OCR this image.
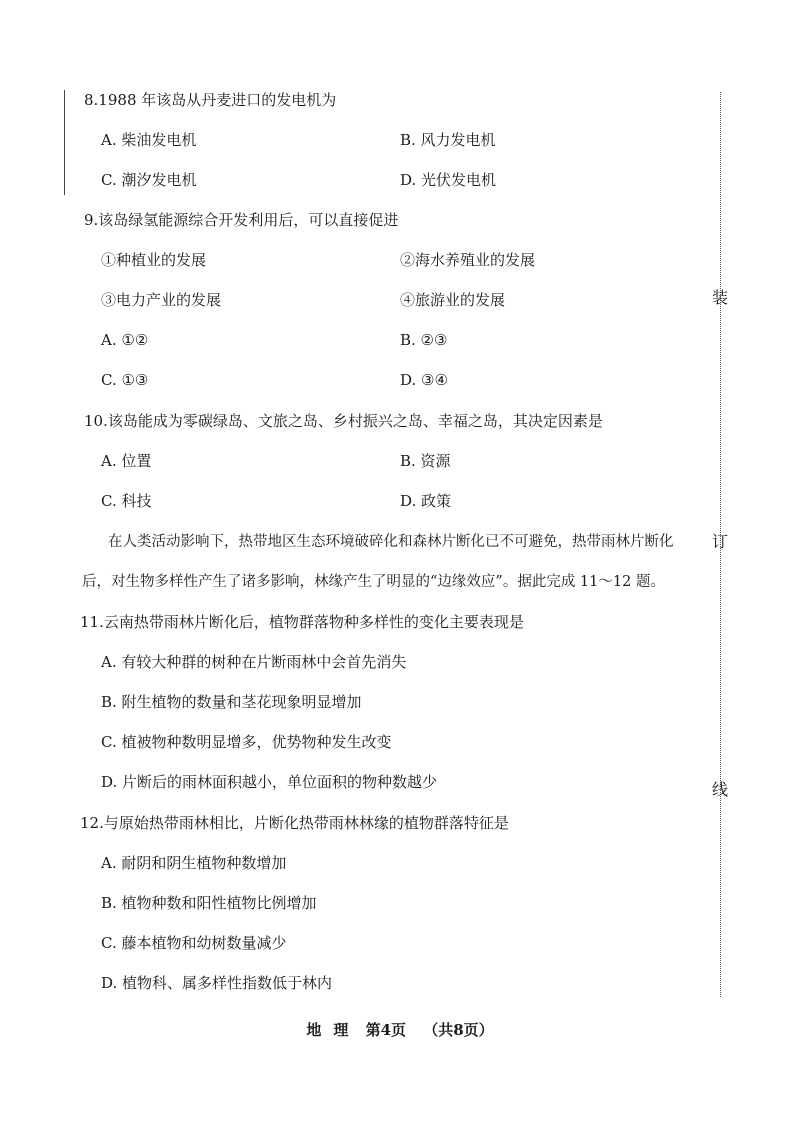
装
订
线
8.1988 年该岛从丹麦进口的发电机为
A. 柴油发电机	B. 风力发电机
C. 潮汐发电机	D. 光伏发电机
9.该岛绿氢能源综合开发利用后，可以直接促进
①种植业的发展	②海水养殖业的发展
③电力产业的发展	④旅游业的发展
A. ①②	B. ②③
C. ①③	D. ③④
10.该岛能成为零碳绿岛、文旅之岛、乡村振兴之岛、幸福之岛，其决定因素是
A. 位置	B. 资源
C. 科技	D. 政策
在人类活动影响下，热带地区生态环境破碎化和森林片断化已不可避免，热带雨林片断化
后，对生物多样性产生了诸多影响，林缘产生了明显的“边缘效应”。据此完成 11～12 题。
11.云南热带雨林片断化后，植物群落物种多样性的变化主要表现是
A. 有较大种群的树种在片断雨林中会首先消失
B. 附生植物的数量和茎花现象明显增加
C. 植被物种数明显增多，优势物种发生改变
D. 片断后的雨林面积越小，单位面积的物种数越少
12.与原始热带雨林相比，片断化热带雨林林缘的植物群落特征是
A. 耐阴和阴生植物种数增加
B. 植物种数和阳性植物比例增加
C. 藤本植物和幼树数量减少
D. 植物科、属多样性指数低于林内
地 理 第4页 （共8页）
